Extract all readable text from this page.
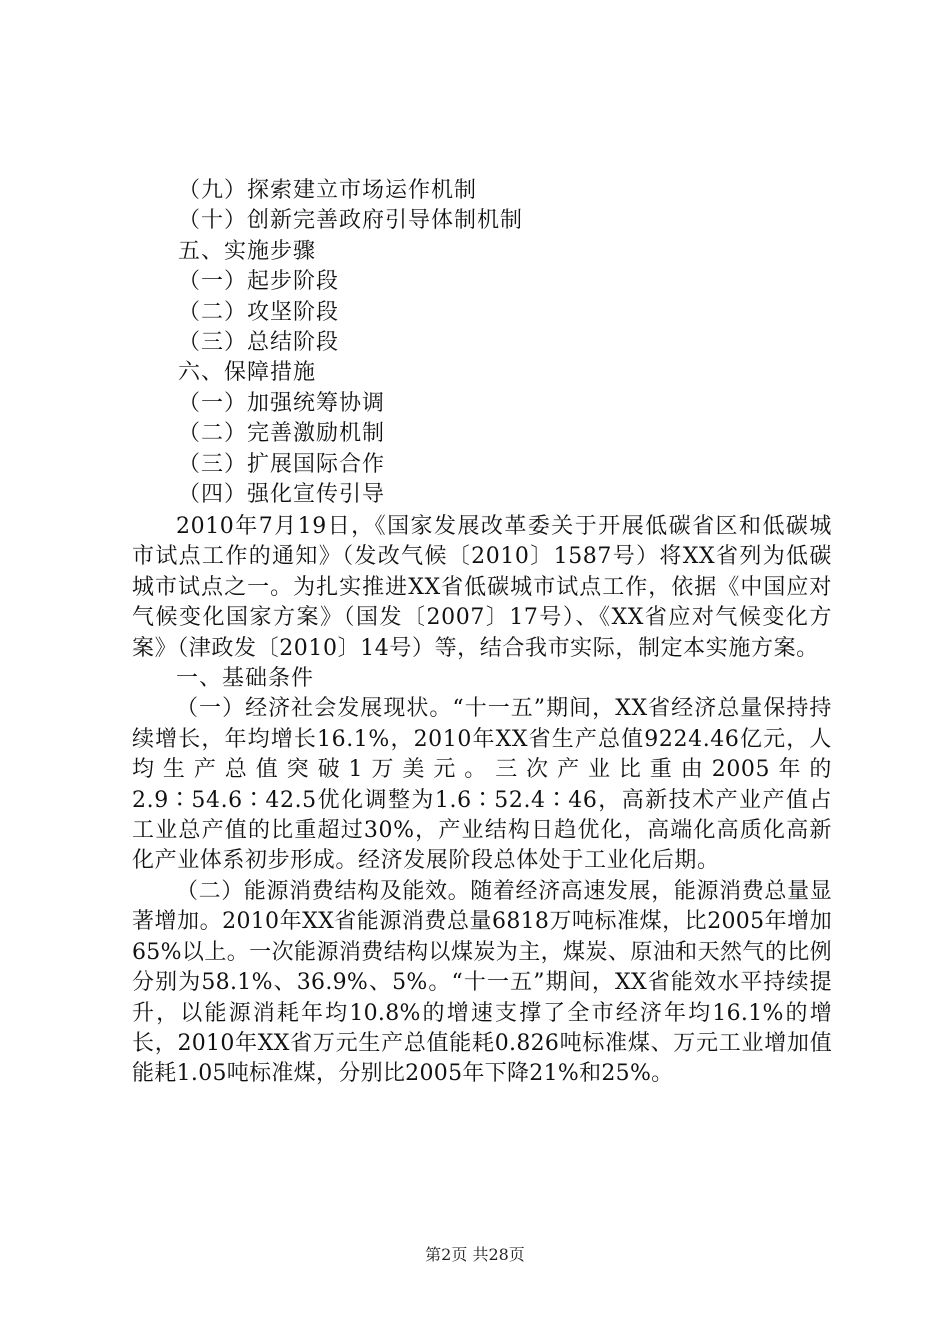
（九）探索建立市场运作机制
（十）创新完善政府引导体制机制
五、实施步骤
（一）起步阶段
（二）攻坚阶段
（三）总结阶段
六、保障措施
（一）加强统筹协调
（二）完善激励机制
（三）扩展国际合作
（四）强化宣传引导

2010年7月19日，《国家发展改革委关于开展低碳省区和低碳城市试点工作的通知》（发改气候〔2010〕1587号）将XX省列为低碳城市试点之一。为扎实推进XX省低碳城市试点工作，依据《中国应对气候变化国家方案》（国发〔2007〕17号）、《XX省应对气候变化方案》（津政发〔2010〕14号）等，结合我市实际，制定本实施方案。

一、基础条件

（一）经济社会发展现状。“十一五”期间，XX省经济总量保持持续增长，年均增长16.1%，2010年XX省生产总值9224.46亿元，人均生产总值突破1万美元。三次产业比重由2005年的2.9∶54.6∶42.5优化调整为1.6∶52.4∶46，高新技术产业产值占工业总产值的比重超过30%，产业结构日趋优化，高端化高质化高新化产业体系初步形成。经济发展阶段总体处于工业化后期。

（二）能源消费结构及能效。随着经济高速发展，能源消费总量显著增加。2010年XX省能源消费总量6818万吨标准煤，比2005年增加65%以上。一次能源消费结构以煤炭为主，煤炭、原油和天然气的比例分别为58.1%、36.9%、5%。“十一五”期间，XX省能效水平持续提升，以能源消耗年均10.8%的增速支撑了全市经济年均16.1%的增长，2010年XX省万元生产总值能耗0.826吨标准煤、万元工业增加值能耗1.05吨标准煤，分别比2005年下降21%和25%。

第2页 共28页
